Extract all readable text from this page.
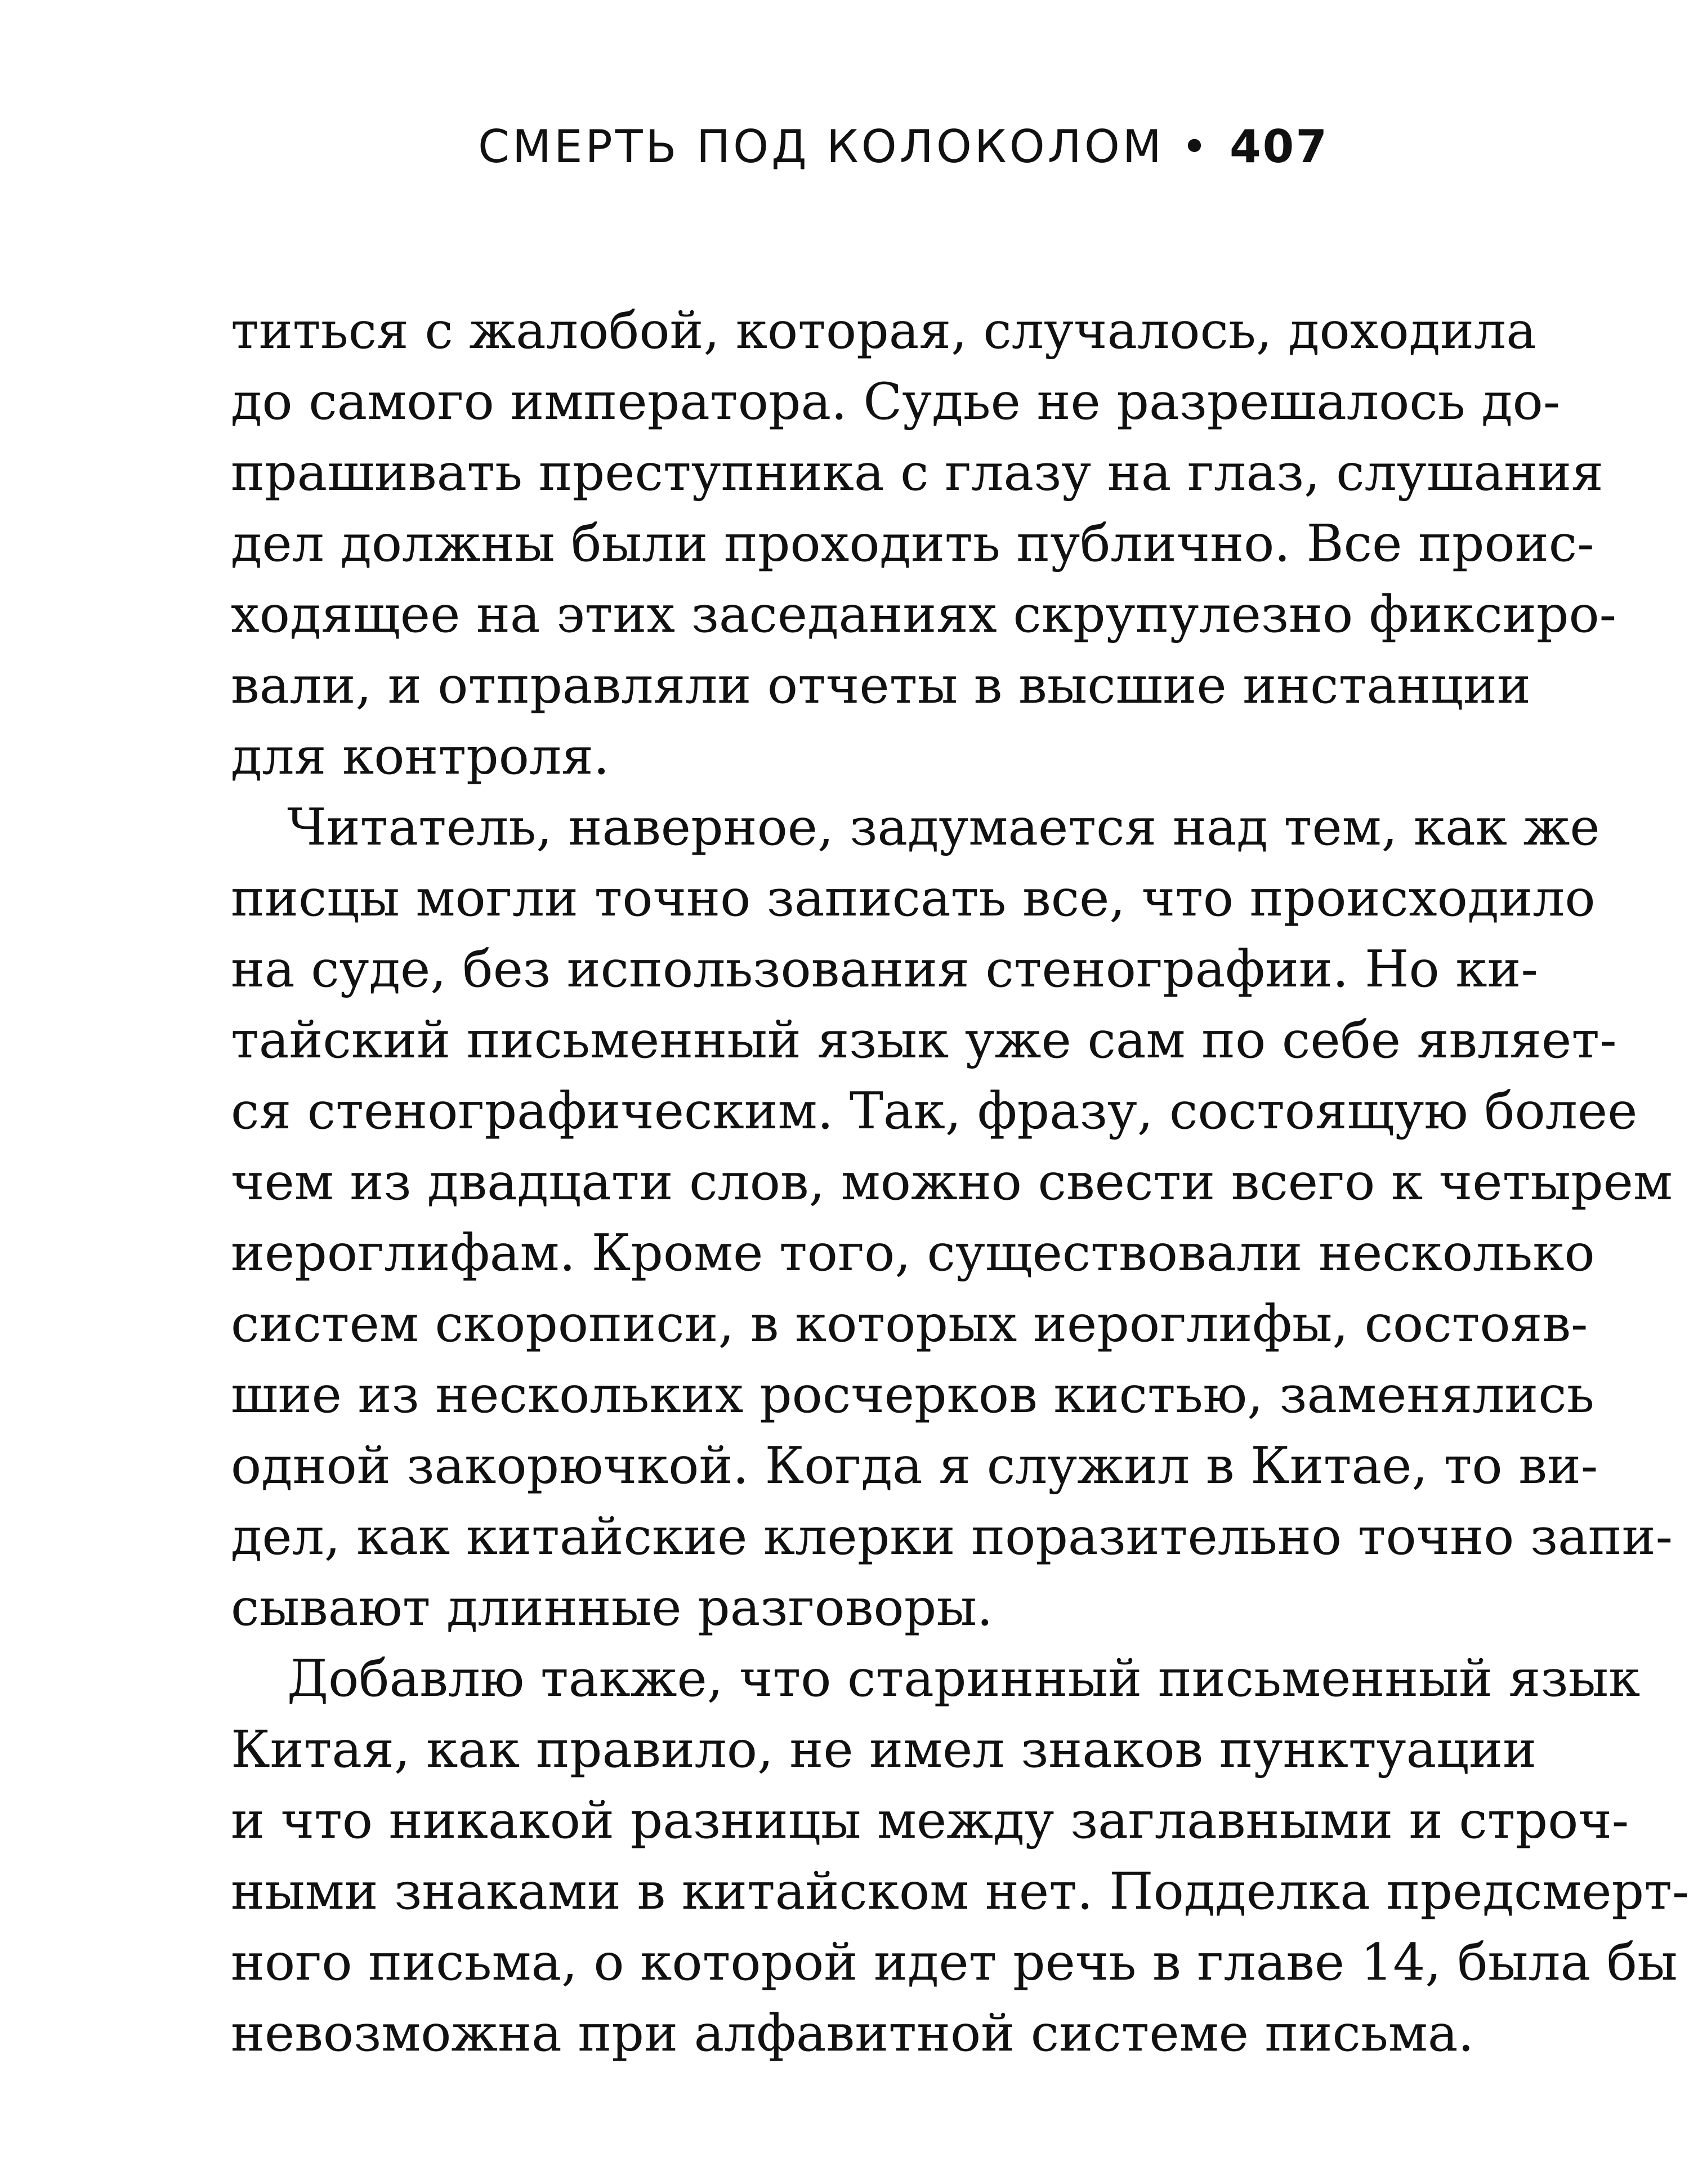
СМЕРТЬ ПОД КОЛОКОЛОМ • 407
титься с жалобой, которая, случалось, доходила
до самого императора. Судье не разрешалось до-
прашивать преступника с глазу на глаз, слушания
дел должны были проходить публично. Все проис-
ходящее на этих заседаниях скрупулезно фиксиро-
вали, и отправляли отчеты в высшие инстанции
для контроля.
Читатель, наверное, задумается над тем, как же
писцы могли точно записать все, что происходило
на суде, без использования стенографии. Но ки-
тайский письменный язык уже сам по себе являет-
ся стенографическим. Так, фразу, состоящую более
чем из двадцати слов, можно свести всего к четырем
иероглифам. Кроме того, существовали несколько
систем скорописи, в которых иероглифы, состояв-
шие из нескольких росчерков кистью, заменялись
одной закорючкой. Когда я служил в Китае, то ви-
дел, как китайские клерки поразительно точно запи-
сывают длинные разговоры.
Добавлю также, что старинный письменный язык
Китая, как правило, не имел знаков пунктуации
и что никакой разницы между заглавными и строч-
ными знаками в китайском нет. Подделка предсмерт-
ного письма, о которой идет речь в главе 14, была бы
невозможна при алфавитной системе письма.
